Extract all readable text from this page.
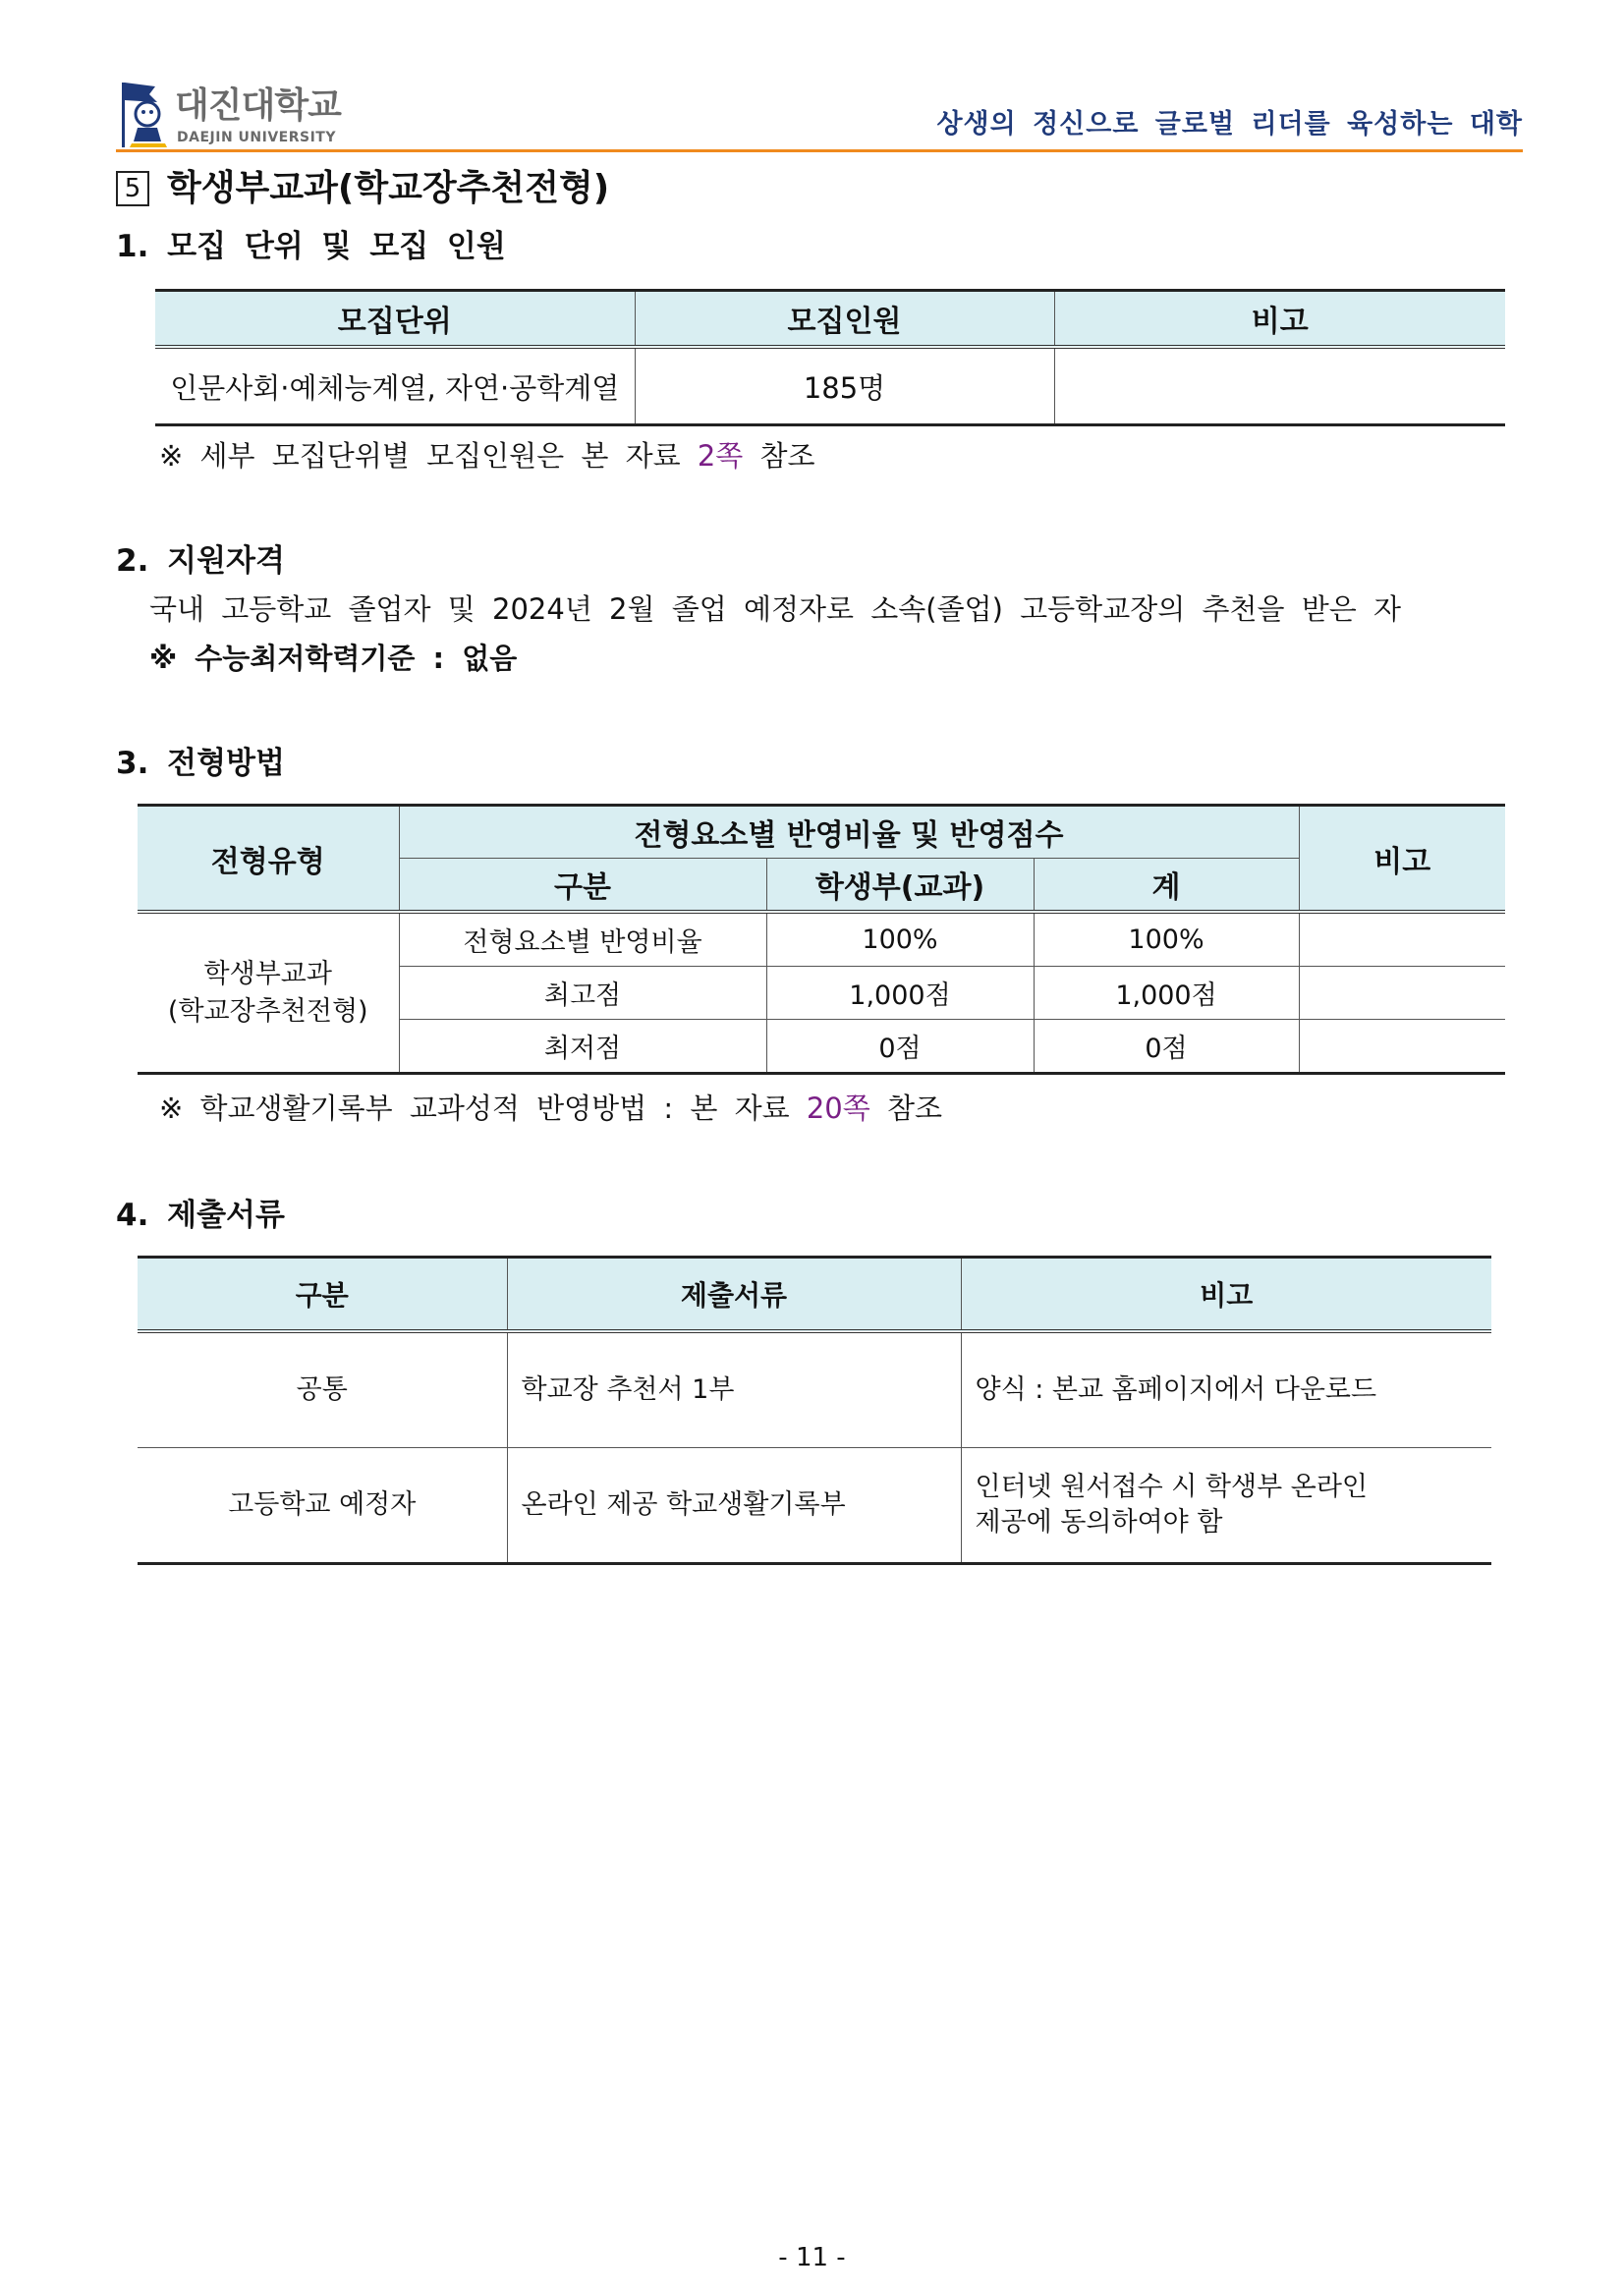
대진대학교
DAEJIN UNIVERSITY	상생의 정신으로 글로벌 리더를 육성하는 대학
5 학생부교과(학교장추천전형)
1. 모집 단위 및 모집 인원
모집단위	모집인원	비고
인문사회·예체능계열, 자연·공학계열	185명	
※ 세부 모집단위별 모집인원은 본 자료 2쪽 참조
2. 지원자격
국내 고등학교 졸업자 및 2024년 2월 졸업 예정자로 소속(졸업) 고등학교장의 추천을 받은 자
※ 수능최저학력기준 : 없음
3. 전형방법
전형유형	전형요소별 반영비율 및 반영점수			비고
	구분	학생부(교과)	계	

학생부교과
(학교장추천전형)	전형요소별 반영비율	100%	100%	
	최고점	1,000점	1,000점	
	최저점	0점	0점	
※ 학교생활기록부 교과성적 반영방법 : 본 자료 20쪽 참조
4. 제출서류
구분	제출서류	비고
공통	학교장 추천서 1부	양식 : 본교 홈페이지에서 다운로드

고등학교 예정자	온라인 제공 학교생활기록부	인터넷 원서접수 시 학생부 온라인
제공에 동의하여야 함
- 11 -
